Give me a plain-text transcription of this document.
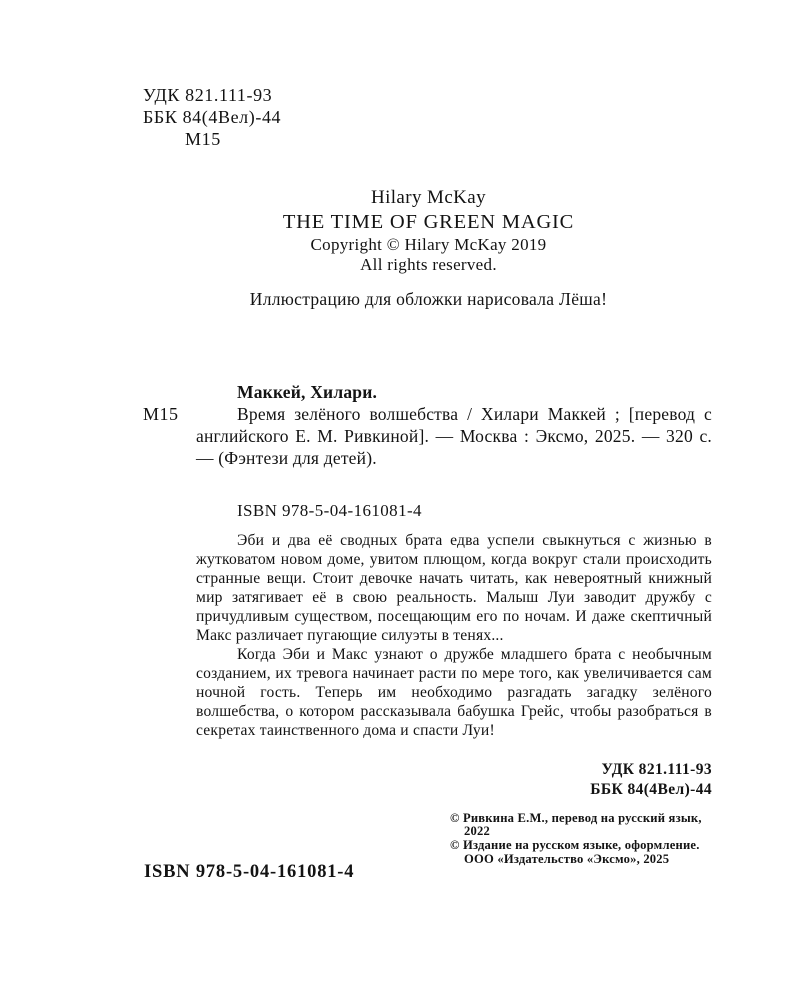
УДК 821.111-93
ББК 84(4Вел)-44
М15
Hilary McKay
THE TIME OF GREEN MAGIC
Copyright © Hilary McKay 2019
All rights reserved.
Иллюстрацию для обложки нарисовала Лёша!
М15
Маккей, Хилари.
Время зелёного волшебства / Хилари Маккей ; [перевод с английского Е. М. Ривкиной]. — Москва : Эксмо, 2025. — 320 с. — (Фэнтези для детей).
ISBN 978-5-04-161081-4

Эби и два её сводных брата едва успели свыкнуться с жизнью в жутковатом новом доме, увитом плющом, когда вокруг стали происходить странные вещи. Стоит девочке начать читать, как невероятный книжный мир затягивает её в свою реальность. Малыш Луи заводит дружбу с причудливым существом, посещающим его по ночам. И даже скептичный Макс различает пугающие силуэты в тенях...

Когда Эби и Макс узнают о дружбе младшего брата с необычным созданием, их тревога начинает расти по мере того, как увеличивается сам ночной гость. Теперь им необходимо разгадать загадку зелёного волшебства, о котором рассказывала бабушка Грейс, чтобы разобраться в секретах таинственного дома и спасти Луи!

УДК 821.111-93
ББК 84(4Вел)-44
© Ривкина Е.М., перевод на русский язык, 2022
© Издание на русском языке, оформление. ООО «Издательство «Эксмо», 2025
ISBN 978-5-04-161081-4
